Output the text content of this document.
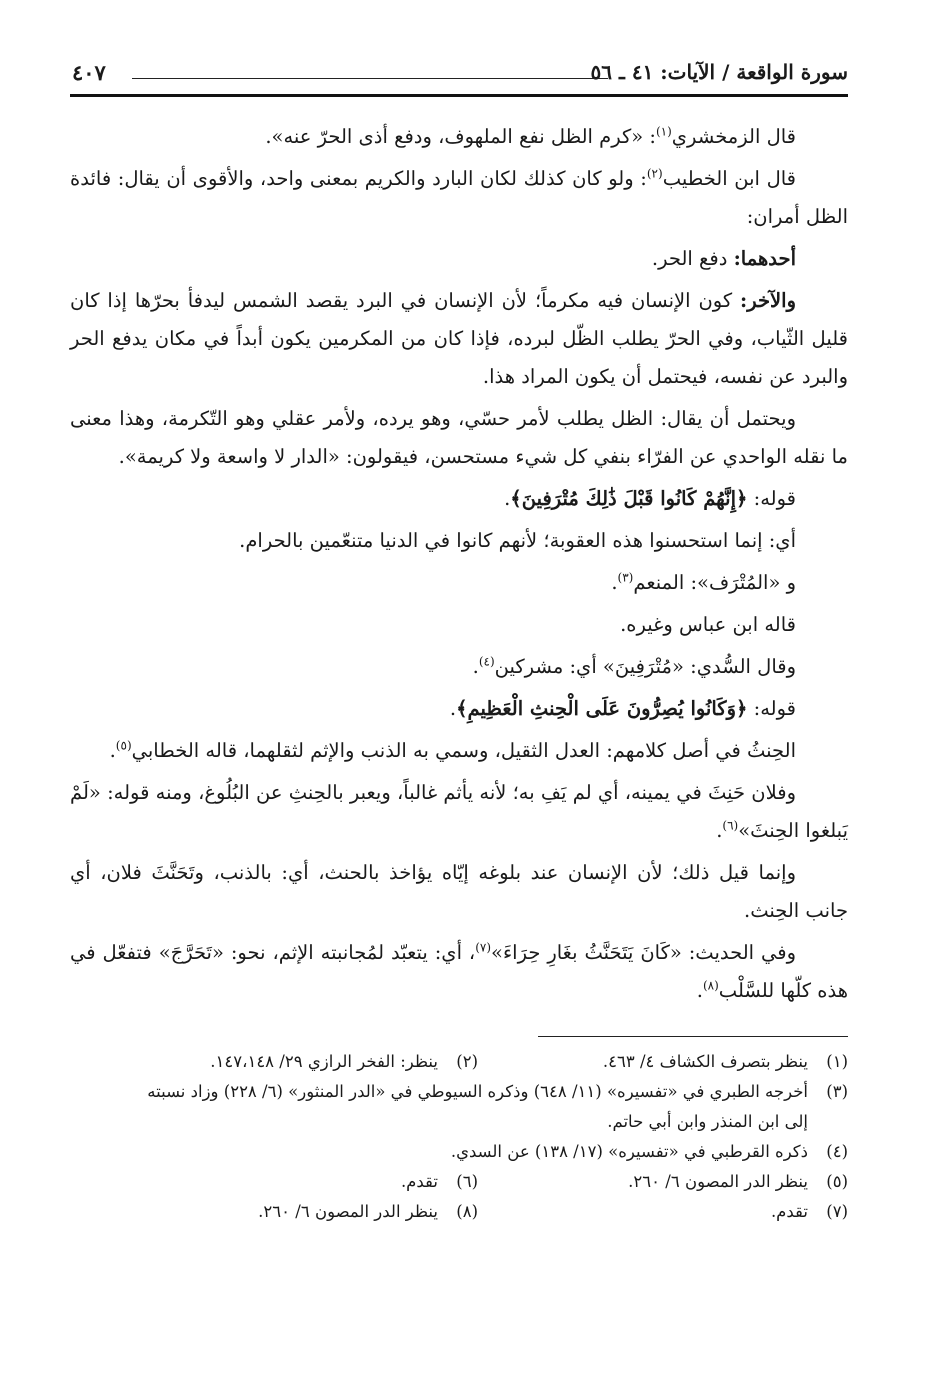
سورة الواقعة / الآيات: ٤١ ـ ٥٦
٤٠٧

قال الزمخشري$^{(١)}$: «كرم الظل نفع الملهوف، ودفع أذى الحرّ عنه».

قال ابن الخطيب$^{(٢)}$: ولو كان كذلك لكان البارد والكريم بمعنى واحد، والأقوى أن يقال: فائدة الظل أمران:

أحدهما: دفع الحر.

والآخر: كون الإنسان فيه مكرماً؛ لأن الإنسان في البرد يقصد الشمس ليدفأ بحرّها إذا كان قليل الثّياب، وفي الحرّ يطلب الظّل لبرده، فإذا كان من المكرمين يكون أبداً في مكان يدفع الحر والبرد عن نفسه، فيحتمل أن يكون المراد هذا.

ويحتمل أن يقال: الظل يطلب لأمر حسّي، وهو يرده، ولأمر عقلي وهو التّكرمة، وهذا معنى ما نقله الواحدي عن الفرّاء بنفي كل شيء مستحسن، فيقولون: «الدار لا واسعة ولا كريمة».

قوله: ﴿إِنَّهُمْ كَانُوا قَبْلَ ذَٰلِكَ مُتْرَفِينَ﴾.

أي: إنما استحسنوا هذه العقوبة؛ لأنهم كانوا في الدنيا متنعّمين بالحرام.

و «المُتْرَف»: المنعم$^{(٣)}$.

قاله ابن عباس وغيره.

وقال السُّدي: «مُتْرَفِينَ» أي: مشركين$^{(٤)}$.

قوله: ﴿وَكَانُوا يُصِرُّونَ عَلَى الْحِنثِ الْعَظِيمِ﴾.

الحِنثُ في أصل كلامهم: العدل الثقيل، وسمي به الذنب والإثم لثقلهما، قاله الخطابي$^{(٥)}$.

وفلان حَنِثَ في يمينه، أي لم يَفِ به؛ لأنه يأثم غالباً، ويعبر بالحِنثِ عن البُلُوغ، ومنه قوله: «لَمْ يَبلغوا الحِنثَ»$^{(٦)}$.

وإنما قيل ذلك؛ لأن الإنسان عند بلوغه إيّاه يؤاخذ بالحنث، أي: بالذنب، وتَحَنَّثَ فلان، أي جانب الحِنث.

وفي الحديث: «كَانَ يَتَحَنَّثُ بغَارِ حِرَاءَ»$^{(٧)}$، أي: يتعبّد لمُجانبته الإثم، نحو: «تَحَرَّجَ» فتفعّل في هذه كلّها للسَّلْب$^{(٨)}$.

(١)
ينظر بتصرف الكشاف ٤/ ٤٦٣.
(٢)
ينظر: الفخر الرازي ٢٩/ ١٤٧،١٤٨.
(٣)
أخرجه الطبري في «تفسيره» (١١/ ٦٤٨) وذكره السيوطي في «الدر المنثور» (٦/ ٢٢٨) وزاد نسبته
إلى ابن المنذر وابن أبي حاتم.
(٤)
ذكره القرطبي في «تفسيره» (١٧/ ١٣٨) عن السدي.
(٥)
ينظر الدر المصون ٦/ ٢٦٠.
(٦)
تقدم.
(٧)
تقدم.
(٨)
ينظر الدر المصون ٦/ ٢٦٠.
